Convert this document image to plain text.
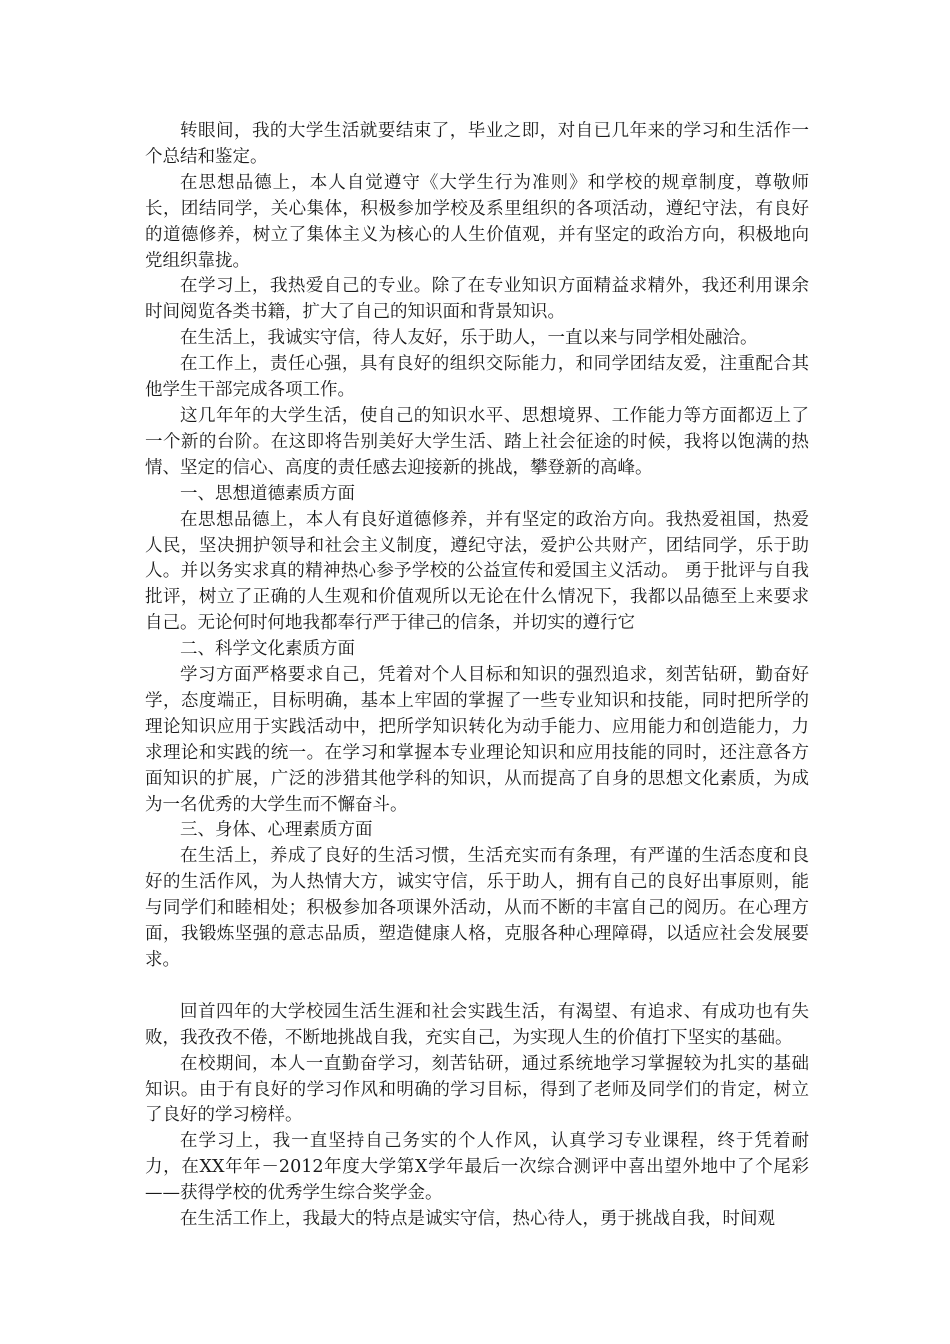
转眼间，我的大学生活就要结束了，毕业之即，对自已几年来的学习和生活作一个总结和鉴定。

在思想品德上，本人自觉遵守《大学生行为准则》和学校的规章制度，尊敬师长，团结同学，关心集体，积极参加学校及系里组织的各项活动，遵纪守法，有良好的道德修养，树立了集体主义为核心的人生价值观，并有坚定的政治方向，积极地向党组织靠拢。

在学习上，我热爱自己的专业。除了在专业知识方面精益求精外，我还利用课余时间阅览各类书籍，扩大了自己的知识面和背景知识。

在生活上，我诚实守信，待人友好，乐于助人，一直以来与同学相处融洽。

在工作上，责任心强，具有良好的组织交际能力，和同学团结友爱，注重配合其他学生干部完成各项工作。

这几年年的大学生活，使自己的知识水平、思想境界、工作能力等方面都迈上了一个新的台阶。在这即将告别美好大学生活、踏上社会征途的时候，我将以饱满的热情、坚定的信心、高度的责任感去迎接新的挑战，攀登新的高峰。

一、思想道德素质方面

在思想品德上，本人有良好道德修养，并有坚定的政治方向。我热爱祖国，热爱人民，坚决拥护领导和社会主义制度，遵纪守法，爱护公共财产，团结同学，乐于助人。并以务实求真的精神热心参予学校的公益宣传和爱国主义活动。 勇于批评与自我批评，树立了正确的人生观和价值观所以无论在什么情况下，我都以品德至上来要求自己。无论何时何地我都奉行严于律己的信条，并切实的遵行它

二、科学文化素质方面

学习方面严格要求自己，凭着对个人目标和知识的强烈追求，刻苦钻研，勤奋好学，态度端正，目标明确，基本上牢固的掌握了一些专业知识和技能，同时把所学的理论知识应用于实践活动中，把所学知识转化为动手能力、应用能力和创造能力，力求理论和实践的统一。在学习和掌握本专业理论知识和应用技能的同时，还注意各方面知识的扩展，广泛的涉猎其他学科的知识，从而提高了自身的思想文化素质，为成为一名优秀的大学生而不懈奋斗。

三、身体、心理素质方面

在生活上，养成了良好的生活习惯，生活充实而有条理，有严谨的生活态度和良好的生活作风，为人热情大方，诚实守信，乐于助人，拥有自己的良好出事原则，能与同学们和睦相处；积极参加各项课外活动，从而不断的丰富自己的阅历。在心理方面，我锻炼坚强的意志品质，塑造健康人格，克服各种心理障碍，以适应社会发展要求。

回首四年的大学校园生活生涯和社会实践生活，有渴望、有追求、有成功也有失败，我孜孜不倦，不断地挑战自我，充实自己，为实现人生的价值打下坚实的基础。

在校期间，本人一直勤奋学习，刻苦钻研，通过系统地学习掌握较为扎实的基础知识。由于有良好的学习作风和明确的学习目标，得到了老师及同学们的肯定，树立了良好的学习榜样。

在学习上，我一直坚持自己务实的个人作风，认真学习专业课程，终于凭着耐力，在XX年年－2012年度大学第X学年最后一次综合测评中喜出望外地中了个尾彩——获得学校的优秀学生综合奖学金。

在生活工作上，我最大的特点是诚实守信，热心待人，勇于挑战自我，时间观
